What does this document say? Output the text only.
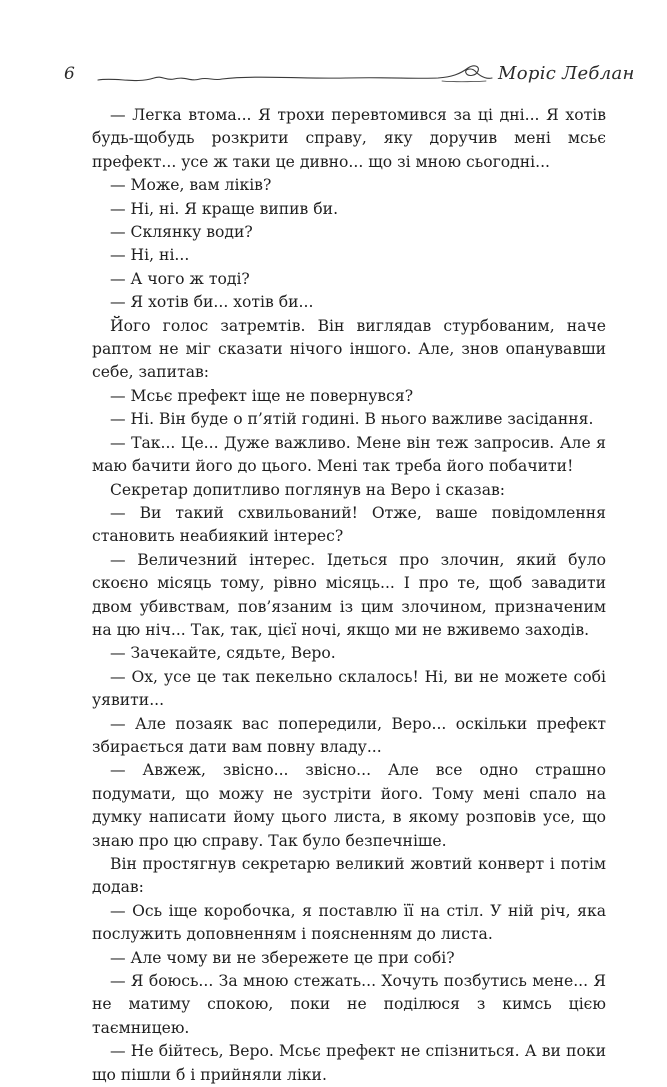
6	Моріс Леблан

— Легка втома... Я трохи перевтомився за ці дні... Я хотів будь-щобудь розкрити справу, яку доручив мені мсьє префект... усе ж таки це дивно... що зі мною сьогодні...

— Може, вам ліків?

— Ні, ні. Я краще випив би.

— Склянку води?

— Ні, ні...

— А чого ж тоді?

— Я хотів би... хотів би...

Його голос затремтів. Він виглядав стурбованим, наче раптом не міг сказати нічого іншого. Але, знов опанувавши себе, запитав:

— Мсьє префект іще не повернувся?

— Ні. Він буде о п’ятій годині. В нього важливе засідання.

— Так... Це... Дуже важливо. Мене він теж запросив. Але я маю бачити його до цього. Мені так треба його побачити!

Секретар допитливо поглянув на Веро і сказав:

— Ви такий схвильований! Отже, ваше повідомлення становить неабиякий інтерес?

— Величезний інтерес. Ідеться про злочин, який було скоєно місяць тому, рівно місяць... І про те, щоб завадити двом убивствам, пов’язаним із цим злочином, призначеним на цю ніч... Так, так, цієї ночі, якщо ми не вживемо заходів.

— Зачекайте, сядьте, Веро.

— Ох, усе це так пекельно склалось! Ні, ви не можете собі уявити...

— Але позаяк вас попередили, Веро... оскільки префект збирається дати вам повну владу...

— Авжеж, звісно... звісно... Але все одно страшно подумати, що можу не зустріти його. Тому мені спало на думку написати йому цього листа, в якому розповів усе, що знаю про цю справу. Так було безпечніше.

Він простягнув секретарю великий жовтий конверт і потім додав:

— Ось іще коробочка, я поставлю її на стіл. У ній річ, яка послужить доповненням і поясненням до листа.

— Але чому ви не збережете це при собі?

— Я боюсь... За мною стежать... Хочуть позбутись мене... Я не матиму спокою, поки не поділюся з кимсь цією таємницею.

— Не бійтесь, Веро. Мсьє префект не спізниться. А ви поки що пішли б і прийняли ліки.
